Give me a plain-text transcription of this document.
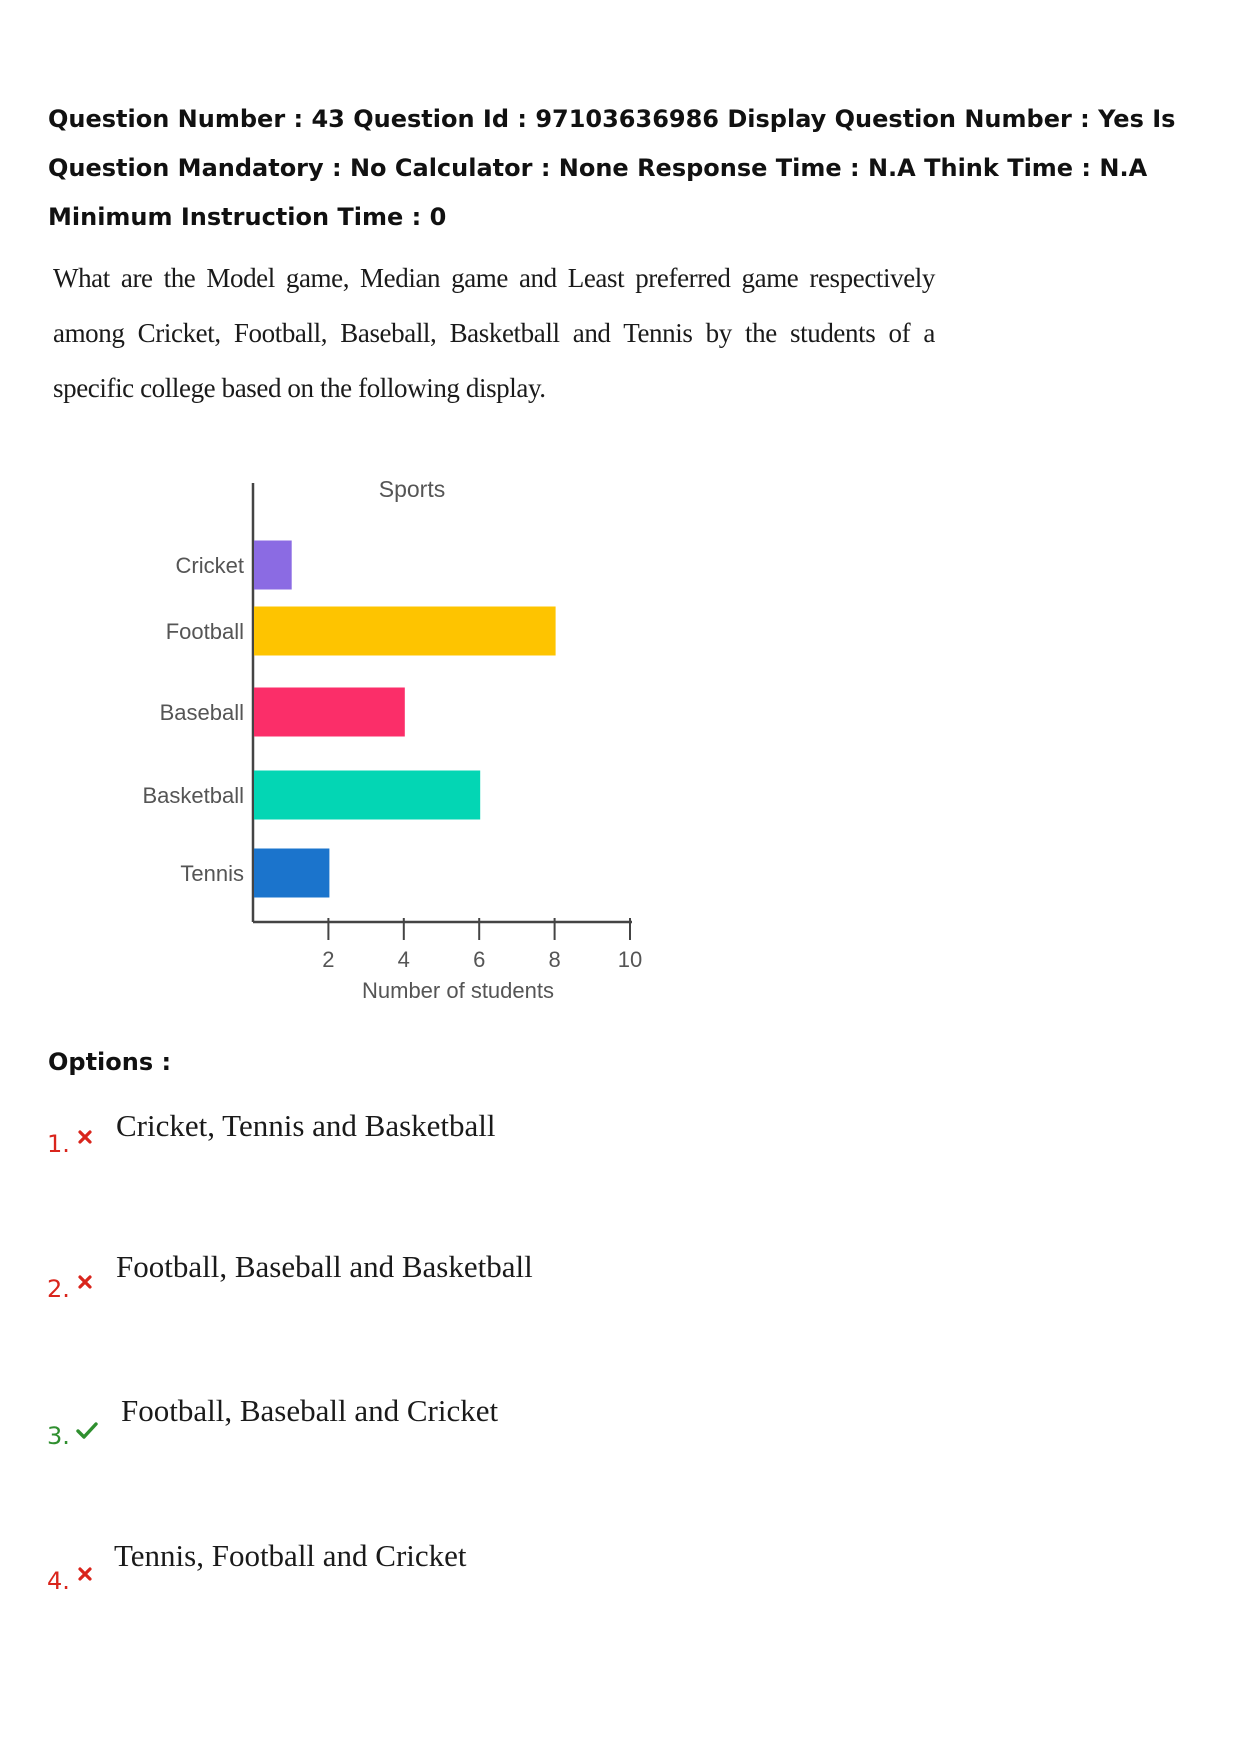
Question Number : 43 Question Id : 97103636986 Display Question Number : Yes Is Question Mandatory : No Calculator : None Response Time : N.A Think Time : N.A Minimum Instruction Time : 0

What are the Model game, Median game and Least preferred game respectively among Cricket, Football, Baseball, Basketball and Tennis by the students of a specific college based on the following display.

Sports
Cricket
Football
Baseball
Basketball
Tennis
2	4	6	8	10
Number of students

Options :

1.
Cricket, Tennis and Basketball
2.
Football, Baseball and Basketball
3.
Football, Baseball and Cricket
4.
Tennis, Football and Cricket
